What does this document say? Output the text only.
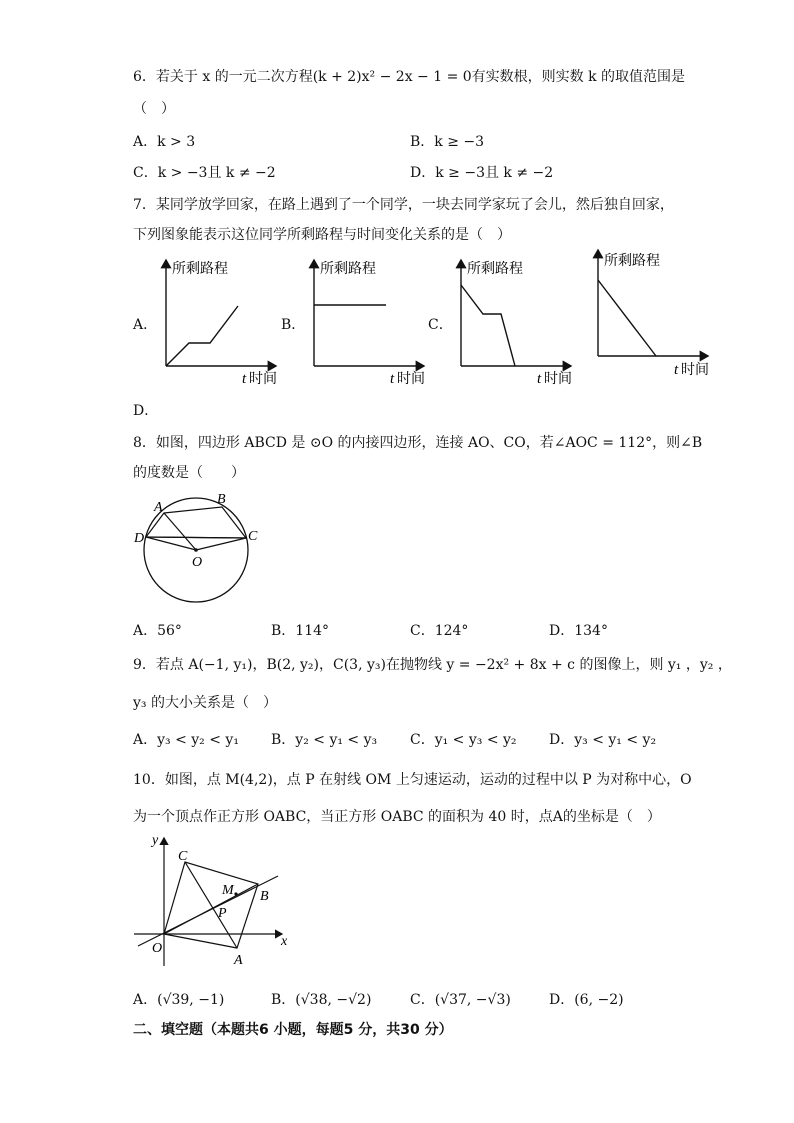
6．若关于 x 的一元二次方程(k + 2)x² − 2x − 1 = 0有实数根，则实数 k 的取值范围是
（　）
A．k > 3	B．k ≥ −3
C．k > −3且 k ≠ −2	D．k ≥ −3且 k ≠ −2
7．某同学放学回家，在路上遇到了一个同学，一块去同学家玩了会儿，然后独自回家，
下列图象能表示这位同学所剩路程与时间变化关系的是（　）
A．	B．	C．
D．
所剩路程
t 时间
所剩路程
t 时间
所剩路程
t 时间
所剩路程
t 时间
8．如图，四边形 ABCD 是 ⊙O 的内接四边形，连接 AO、CO，若∠AOC = 112°，则∠B
的度数是（　　）
A
B
C
D
O
A．56°	B．114°	C．124°	D．134°
9．若点 A(−1, y₁)，B(2, y₂)，C(3, y₃)在抛物线 y = −2x² + 8x + c 的图像上，则 y₁ ，y₂ ，
y₃ 的大小关系是（　）
A．y₃ < y₂ < y₁ B．y₂ < y₁ < y₃ C．y₁ < y₃ < y₂ D．y₃ < y₁ < y₂
10．如图，点 M(4,2)，点 P 在射线 OM 上匀速运动，运动的过程中以 P 为对称中心，O
为一个顶点作正方形 OABC，当正方形 OABC 的面积为 40 时，点A的坐标是（　）
C
M B
P
O
A
x
y
A．(√39, −1)	B．(√38, −√2)	C．(√37, −√3)	D．(6, −2)
二、填空题（本题共6 小题，每题5 分，共30 分）
